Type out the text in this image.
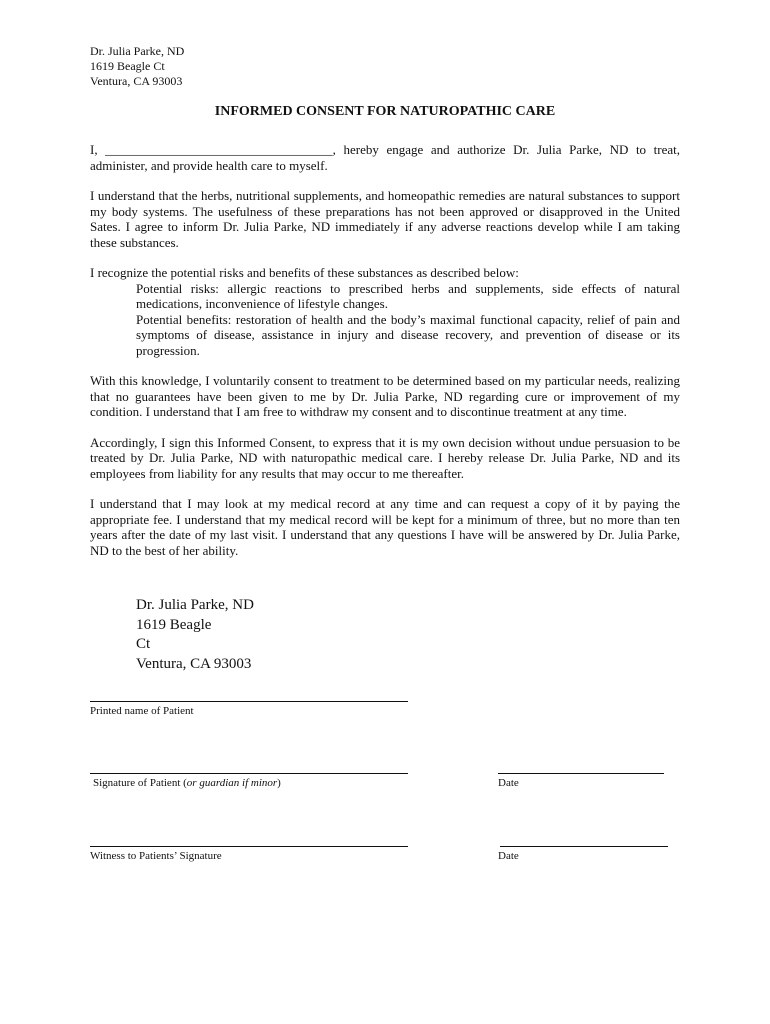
Dr. Julia Parke, ND
1619 Beagle Ct
Ventura, CA 93003
INFORMED CONSENT FOR NATUROPATHIC CARE

I, ___________________________________, hereby engage and authorize Dr. Julia Parke, ND to treat, administer, and provide health care to myself.

I understand that the herbs, nutritional supplements, and homeopathic remedies are natural substances to support my body systems. The usefulness of these preparations has not been approved or disapproved in the United Sates. I agree to inform Dr. Julia Parke, ND immediately if any adverse reactions develop while I am taking these substances.

I recognize the potential risks and benefits of these substances as described below:
Potential risks: allergic reactions to prescribed herbs and supplements, side effects of natural medications, inconvenience of lifestyle changes.
Potential benefits: restoration of health and the body’s maximal functional capacity, relief of pain and symptoms of disease, assistance in injury and disease recovery, and prevention of disease or its progression.

With this knowledge, I voluntarily consent to treatment to be determined based on my particular needs, realizing that no guarantees have been given to me by Dr. Julia Parke, ND regarding cure or improvement of my condition. I understand that I am free to withdraw my consent and to discontinue treatment at any time.

Accordingly, I sign this Informed Consent, to express that it is my own decision without undue persuasion to be treated by Dr. Julia Parke, ND with naturopathic medical care. I hereby release Dr. Julia Parke, ND and its employees from liability for any results that may occur to me thereafter.

I understand that I may look at my medical record at any time and can request a copy of it by paying the appropriate fee. I understand that my medical record will be kept for a minimum of three, but no more than ten years after the date of my last visit. I understand that any questions I have will be answered by Dr. Julia Parke, ND to the best of her ability.

Dr. Julia Parke, ND
1619 Beagle
Ct
Ventura, CA 93003
Printed name of Patient
Signature of Patient (or guardian if minor)	Date
Witness to Patients’ Signature	Date
